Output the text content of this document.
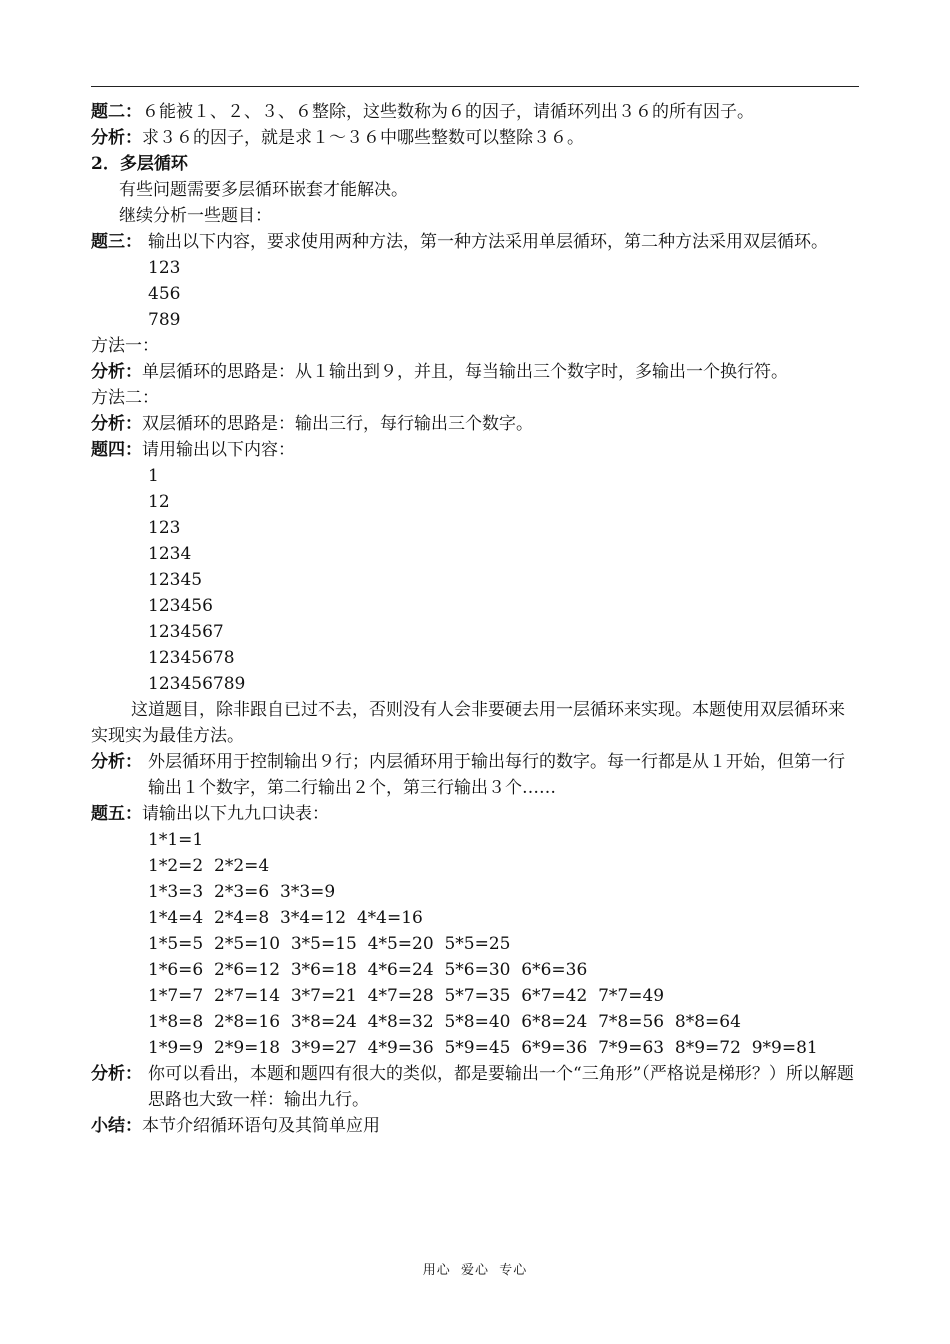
题二：６能被１、２、３、６整除，这些数称为６的因子，请循环列出３６的所有因子。
分析：求３６的因子，就是求１～３６中哪些整数可以整除３６。
2．多层循环
有些问题需要多层循环嵌套才能解决。
继续分析一些题目：
题三： 输出以下内容，要求使用两种方法，第一种方法采用单层循环，第二种方法采用双层循环。
123
456
789
方法一：
分析：单层循环的思路是：从１输出到９，并且，每当输出三个数字时，多输出一个换行符。
方法二：
分析：双层循环的思路是：输出三行，每行输出三个数字。
题四：请用输出以下内容：
1
12
123
1234
12345
123456
1234567
12345678
123456789
这道题目，除非跟自已过不去，否则没有人会非要硬去用一层循环来实现。本题使用双层循环来实现实为最佳方法。
分析： 外层循环用于控制输出９行；内层循环用于输出每行的数字。每一行都是从１开始，但第一行输出１个数字，第二行输出２个，第三行输出３个……
题五：请输出以下九九口诀表：
1*1=1
1*2=2  2*2=4
1*3=3  2*3=6  3*3=9
1*4=4  2*4=8  3*4=12  4*4=16
1*5=5  2*5=10  3*5=15  4*5=20  5*5=25
1*6=6  2*6=12  3*6=18  4*6=24  5*6=30  6*6=36
1*7=7  2*7=14  3*7=21  4*7=28  5*7=35  6*7=42  7*7=49
1*8=8  2*8=16  3*8=24  4*8=32  5*8=40  6*8=24  7*8=56  8*8=64
1*9=9  2*9=18  3*9=27  4*9=36  5*9=45  6*9=36  7*9=63  8*9=72  9*9=81
分析： 你可以看出，本题和题四有很大的类似，都是要输出一个“三角形”（严格说是梯形？）所以解题思路也大致一样：输出九行。
小结：本节介绍循环语句及其简单应用
用心  爱心  专心
